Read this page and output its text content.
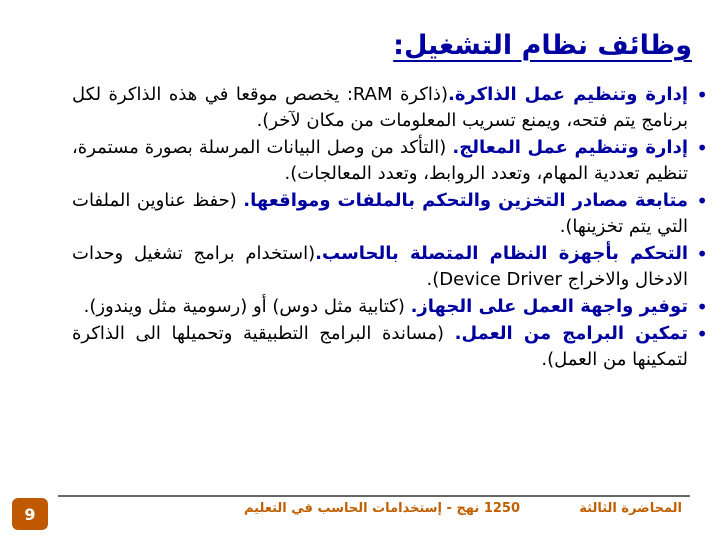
وظائف نظام التشغيل:
• إدارة وتنظيم عمل الذاكرة.(ذاكرة RAM: يخصص موقعا في هذه الذاكرة لكل برنامج يتم فتحه، ويمنع تسريب المعلومات من مكان لآخر).
• إدارة وتنظيم عمل المعالج. (التأكد من وصل البيانات المرسلة بصورة مستمرة، تنظيم تعددية المهام، وتعدد الروابط، وتعدد المعالجات).
• متابعة مصادر التخزين والتحكم بالملفات ومواقعها. (حفظ عناوين الملفات التي يتم تخزينها).
• التحكم بأجهزة النظام المتصلة بالحاسب.(استخدام برامج تشغيل وحدات الادخال والاخراج Device Driver).
• توفير واجهة العمل على الجهاز. (كتابية مثل دوس) أو (رسومية مثل ويندوز).
• تمكين البرامج من العمل. (مساندة البرامج التطبيقية وتحميلها الى الذاكرة لتمكينها من العمل).
المحاضرة الثالثة
1250 نهج - إستخدامات الحاسب في التعليم
9
